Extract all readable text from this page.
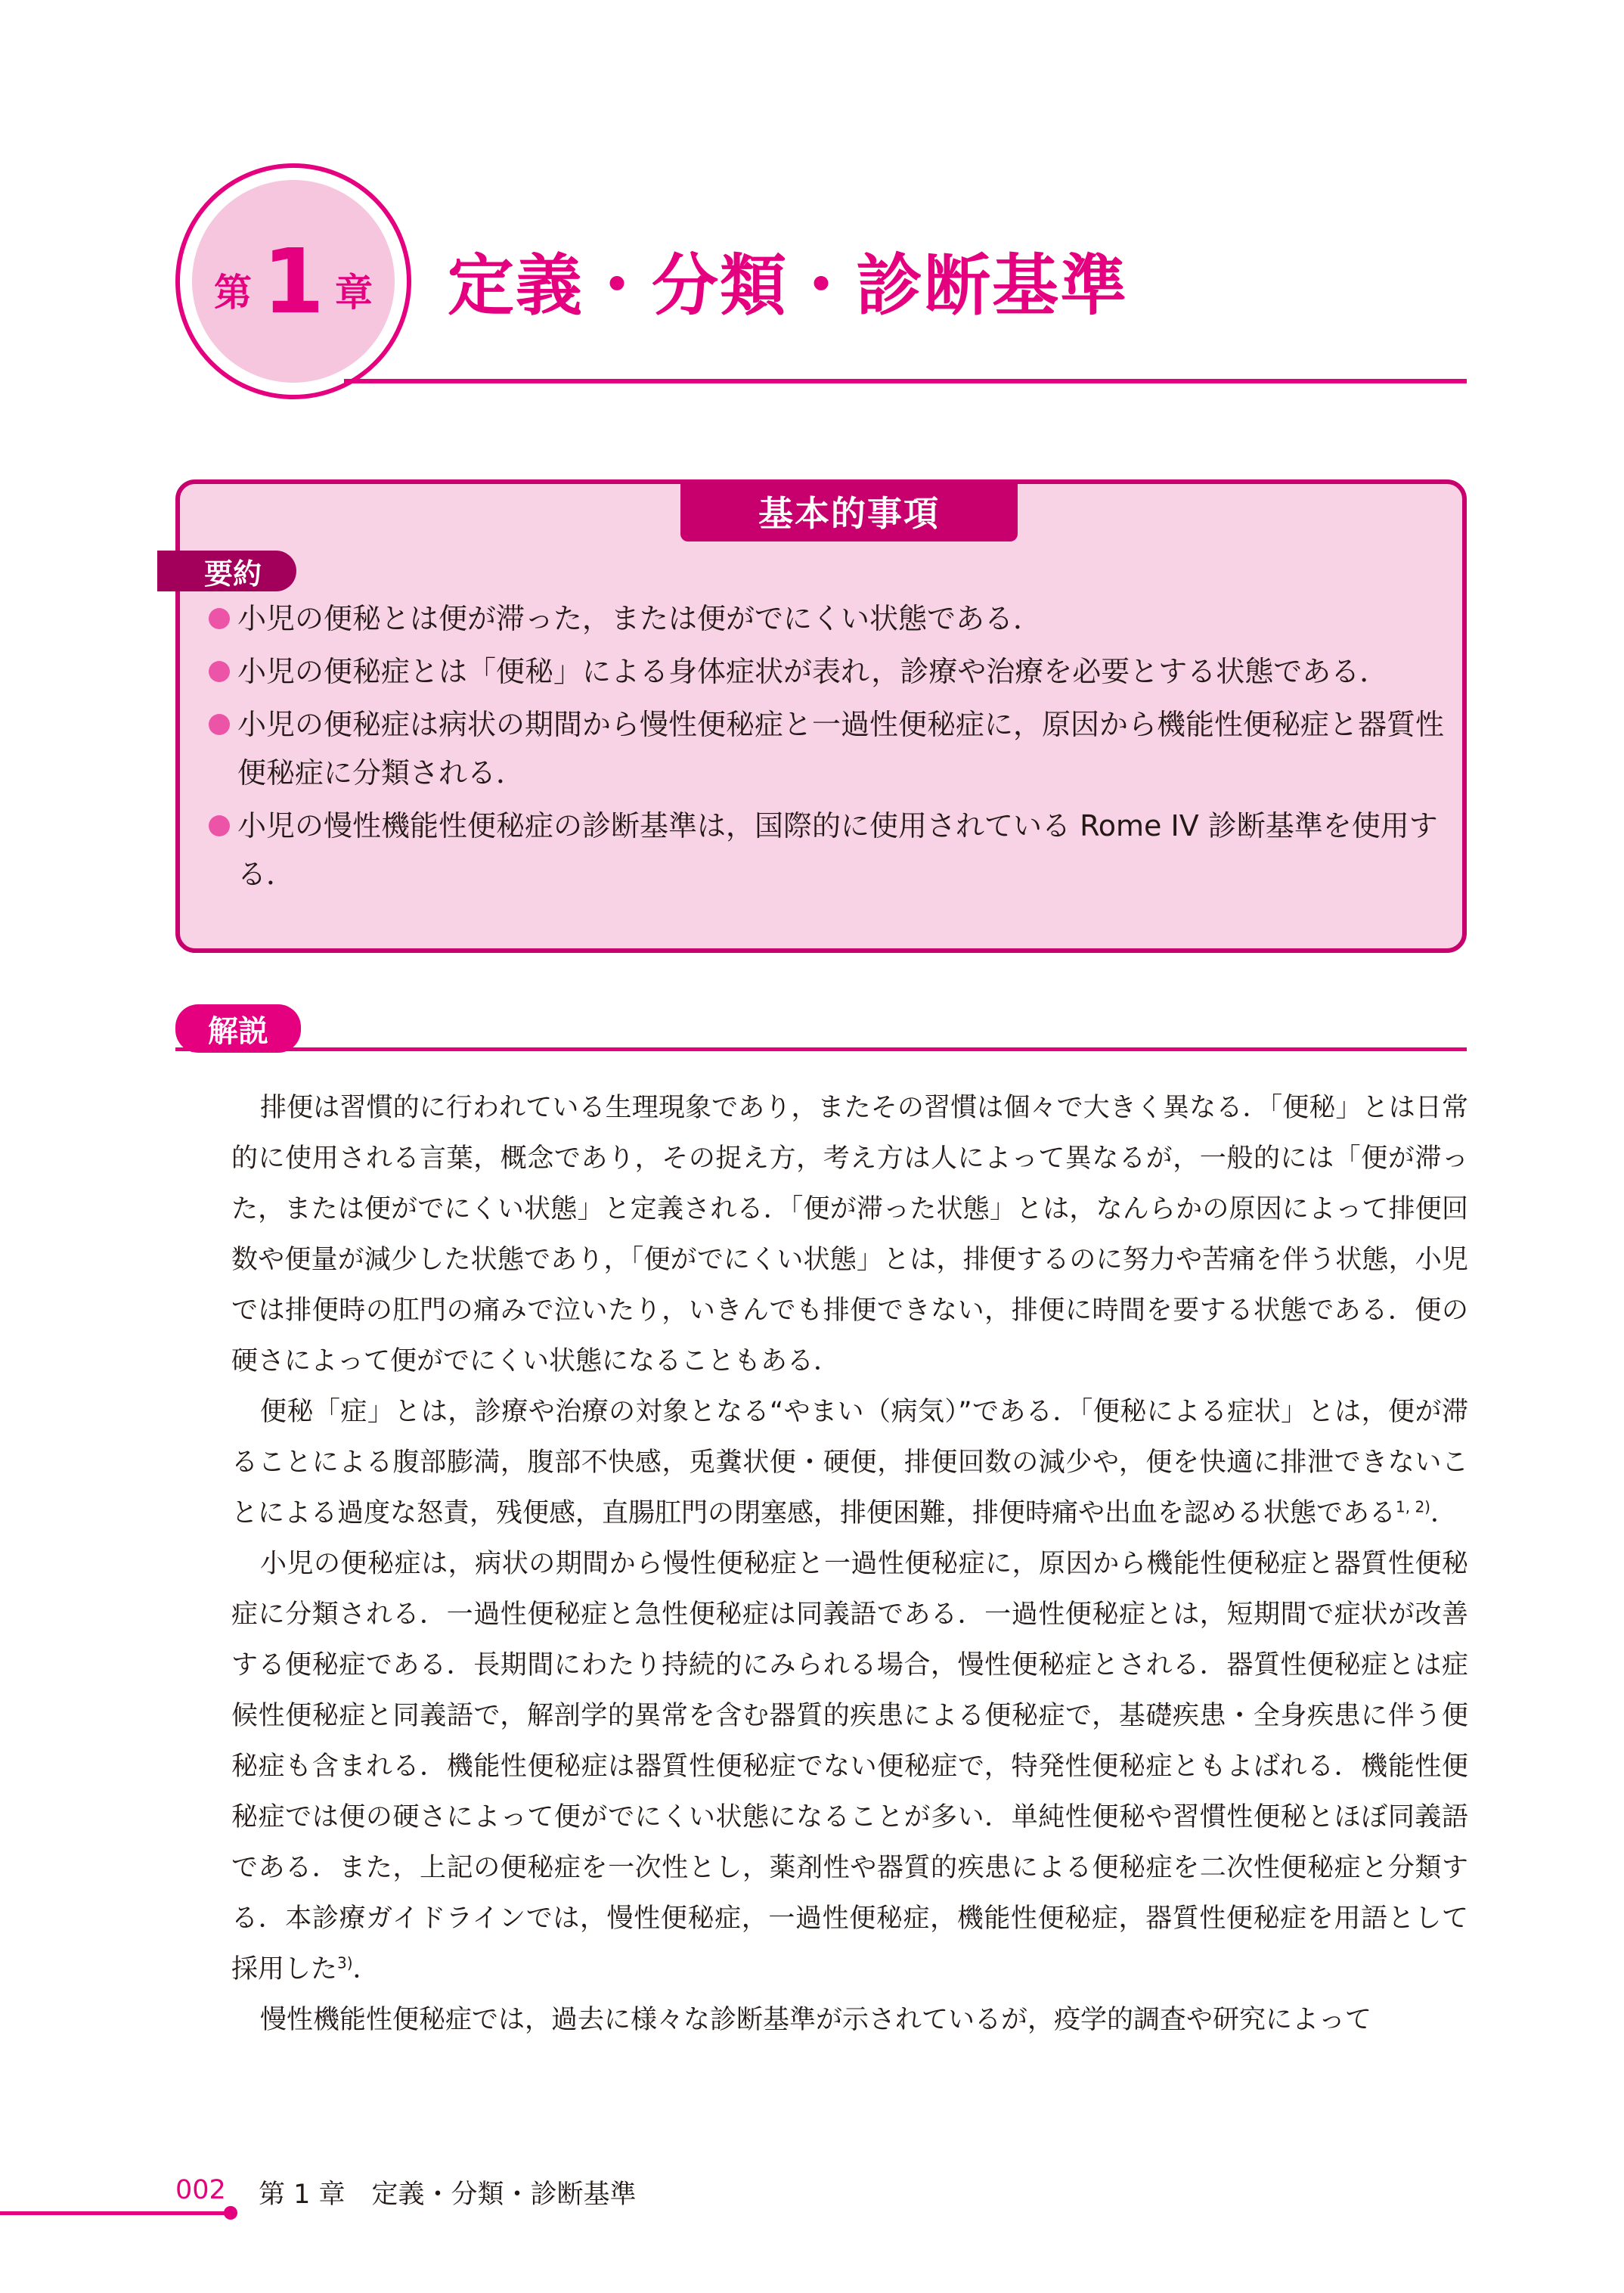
第 1 章 定義・分類・診断基準
基本的事項
要約
小児の便秘とは便が滞った，または便がでにくい状態である．
小児の便秘症とは「便秘」による身体症状が表れ，診療や治療を必要とする状態である．
小児の便秘症は病状の期間から慢性便秘症と一過性便秘症に，原因から機能性便秘症と器質性便秘症に分類される．
小児の慢性機能性便秘症の診断基準は，国際的に使用されている Rome IV 診断基準を使用する．
解説

排便は習慣的に行われている生理現象であり，またその習慣は個々で大きく異なる．「便秘」とは日常的に使用される言葉，概念であり，その捉え方，考え方は人によって異なるが，一般的には「便が滞った，または便がでにくい状態」と定義される．「便が滞った状態」とは，なんらかの原因によって排便回数や便量が減少した状態であり，「便がでにくい状態」とは，排便するのに努力や苦痛を伴う状態，小児では排便時の肛門の痛みで泣いたり，いきんでも排便できない，排便に時間を要する状態である．便の硬さによって便がでにくい状態になることもある．

便秘「症」とは，診療や治療の対象となる“やまい（病気）”である．「便秘による症状」とは，便が滞ることによる腹部膨満，腹部不快感，兎糞状便・硬便，排便回数の減少や，便を快適に排泄できないことによる過度な怒責，残便感，直腸肛門の閉塞感，排便困難，排便時痛や出血を認める状態である$^{1, 2)}$．

小児の便秘症は，病状の期間から慢性便秘症と一過性便秘症に，原因から機能性便秘症と器質性便秘症に分類される．一過性便秘症と急性便秘症は同義語である．一過性便秘症とは，短期間で症状が改善する便秘症である．長期間にわたり持続的にみられる場合，慢性便秘症とされる．器質性便秘症とは症候性便秘症と同義語で，解剖学的異常を含む器質的疾患による便秘症で，基礎疾患・全身疾患に伴う便秘症も含まれる．機能性便秘症は器質性便秘症でない便秘症で，特発性便秘症ともよばれる．機能性便秘症では便の硬さによって便がでにくい状態になることが多い．単純性便秘や習慣性便秘とほぼ同義語である．また，上記の便秘症を一次性とし，薬剤性や器質的疾患による便秘症を二次性便秘症と分類する．本診療ガイドラインでは，慢性便秘症，一過性便秘症，機能性便秘症，器質性便秘症を用語として採用した$^{3)}$．

慢性機能性便秘症では，過去に様々な診断基準が示されているが，疫学的調査や研究によって

002 第 1 章　定義・分類・診断基準
